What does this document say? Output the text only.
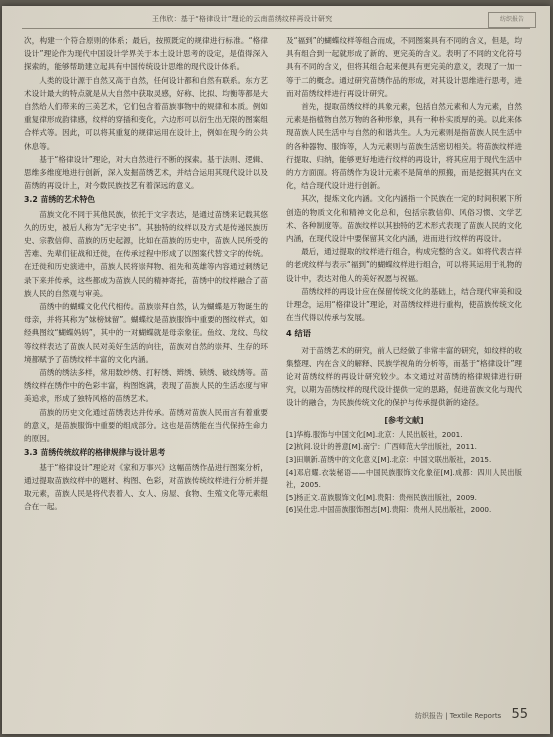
王伟欣：基于“格律设计”理论的云南苗绣纹样再设计研究	纺织报告

次，构建一个符合原则的体系；最后，按照既定的规律进行标准。“格律设计”理论作为现代中国设计学界关于本土设计思考的设定，是值得深入探索的，能够帮助建立起具有中国传统设计思维的现代设计体系。

人类的设计源于自然又高于自然，任何设计都和自然有联系。东方艺术设计最大的特点就是从大自然中获取灵感，好称、比拟、均衡等都是大自然给人们带来的三美艺术，它们包含着苗族事物中的规律和本质。例如重复律形成韵律感，纹样的穿插和变化，六边形可以衍生出无限的图案组合样式等。因此，可以将其重复的规律运用在设计上，例如在现今的公共休息等。

基于“格律设计”理论，对大自然进行不断的探索。基于法则、逻辑、思维多维度地进行创新，深入发掘苗绣艺术，并结合运用其现代设计以及苗绣的再设计上，对今数民族技艺有着深远的意义。

3.2 苗绣的艺术特色

苗族文化不同于其他民族，依托于文字表达，是通过苗绣来记载其悠久的历史，被后人称为“无字史书”。其独特的纹样以及方式是传递民族历史、宗教信仰、苗族的历史起源，比如在苗族的历史中，苗族人民所受的苦难、先辈们征战和迁徙，在传承过程中形成了以图案代替文字的传统。在迁徙和历史演进中，苗族人民将崇拜物、祖先和英雄等内容通过刺绣记录下来并传承，这些都成为苗族人民的精神寄托，苗绣中的纹样融合了苗族人民的自然观与审美。

苗绣中的蝴蝶文化代代相传。苗族崇拜自然，认为蝴蝶是万物诞生的母亲，并将其称为“妹榜妹留”。蝴蝶纹是苗族服饰中重要的图纹样式，如经典图纹“蝴蝶妈妈”，其中的一对蝴蝶就是母亲象征。鱼纹、龙纹、鸟纹等纹样表达了苗族人民对美好生活的向往，苗族对自然的崇拜、生存的环境都赋予了苗绣纹样丰富的文化内涵。

苗绣的绣法多样，常用数纱绣、打籽绣、辫绣、锁绣、破线绣等。苗绣纹样在绣作中的色彩丰富，构图饱满，表现了苗族人民的生活态度与审美追求，形成了独特风格的苗绣艺术。

苗族的历史文化通过苗绣表达并传承。苗绣对苗族人民而言有着重要的意义，是苗族服饰中重要的组成部分。这也是苗绣能在当代保持生命力的原因。

3.3 苗绣传统纹样的格律规律与设计思考

基于“格律设计”理论对《家和万事兴》这幅苗绣作品进行图案分析，通过提取苗族纹样中的题材、构图、色彩，对苗族传统纹样进行分析并提取元素，苗族人民是将代表着人、女人、房屋、食物、生殖文化等元素组合在一起。

及“福到”的蝴蝶纹样等组合而成，不同图案具有不同的含义，但是，均具有组合到一起就形成了新的、更完美的含义。表明了不同的文化符号具有不同的含义，但将其组合起来便具有更完美的意义，表现了一加一等于二的概念。通过研究苗绣作品的形成，对其设计思维进行思考，进而对苗绣纹样进行再设计研究。

首先，提取苗绣纹样的具象元素，包括自然元素和人为元素，自然元素是指植物自然万物的各种形象，具有一种朴实质厚的美。以此来体现苗族人民生活中与自然的和谐共生。人为元素则是指苗族人民生活中的各种器物、服饰等，人为元素则与苗族生活密切相关。将苗族纹样进行提取、归纳，能够更好地进行纹样的再设计，将其应用于现代生活中的方方面面。将苗绣作为设计元素不是简单的照搬，而是挖掘其内在文化，结合现代设计进行创新。

其次，提炼文化内涵。文化内涵指一个民族在一定的时间积累下所创造的物质文化和精神文化总和，包括宗教信仰、风俗习惯、文学艺术、各种制度等。苗族纹样以其独特的艺术形式表现了苗族人民的文化内涵，在现代设计中要保留其文化内涵，进而进行纹样的再设计。

最后，通过提取的纹样进行组合，构成完整的含义。如将代表吉祥的老虎纹样与表示“福到”的蝴蝶纹样进行组合，可以将其运用于礼物的设计中，表达对他人的美好祝愿与祝福。

苗绣纹样的再设计应在保留传统文化的基础上，结合现代审美和设计理念，运用“格律设计”理论，对苗绣纹样进行重构，使苗族传统文化在当代得以传承与发展。

4 结语

对于苗绣艺术的研究，前人已经做了非常丰富的研究，如纹样的收集整理、内在含义的解释、民族学视角的分析等，而基于“格律设计”理论对苗绣纹样的再设计研究较少。本文通过对苗绣的格律规律进行研究，以期为苗绣纹样的现代设计提供一定的思路，促进苗族文化与现代设计的融合，为民族传统文化的保护与传承提供新的途径。

[参考文献]

[1]华梅.服饰与中国文化[M].北京：人民出版社，2001.

[2]杭间.设计的善意[M].南宁：广西师范大学出版社，2011.

[3]田顺新.苗绣中的文化意义[M].北京：中国文联出版社，2015.

[4]邓启耀.衣装秘语——中国民族服饰文化象征[M].成都：四川人民出版社，2005.

[5]杨正文.苗族服饰文化[M].贵阳：贵州民族出版社，2009.

[6]吴仕忠.中国苗族服饰图志[M].贵阳：贵州人民出版社，2000.

纺织报告 | Textile Reports 55
